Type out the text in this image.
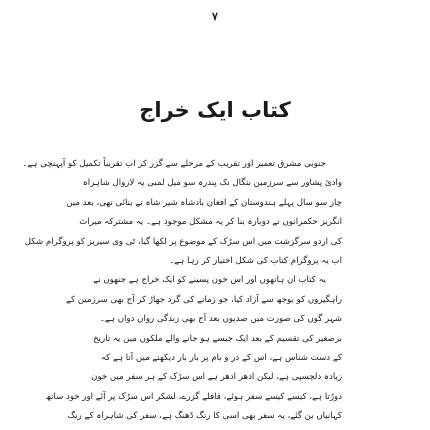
۷
کتاب ایک خراج
جنوبی مشرق تعمیر اور تقریب کے مرحلے سے گزر کر اب تقریباً تکمیل کو آپہنچی ہے۔
وادئ پشاور سے سرزمین بنگال تک پندرہ سو میل لمبی یہ لازوال شاہراہ
چار سو سال پہلے ہندوستان کے افغان بادشاہ شیر شاہ نے بنائی تھی، بعد میں
انگریز حکمرانوں نے دوبارہ بنا کر یہ مشکل موجود ہے۔ یہ مشترکہ میراث
کی اردو سرگزشت میں اس سڑک کے موضوع پر لکھا گیا، ٹی وی سیریز کو پروگرام شکل
اب یہ پروگرام کتاب کی شکل اختیار کر رہا ہے۔
یہ کتاب ان ہاتھوں اور اس خون پسینے کو ایک خراج ہے جنھوں نے
راہگیروں کو بوجھ سے آزاد کیا، جو زمانے کی گرد جھاڑ کر آج بھی سرزمین کے
شہر گوں کی صورت میں صدیوں بعد آج بھی زندگی رواں دواں ہے۔
برصغیر کی تقسیم کے بعد ایک جیسے ہو جانے والے ملکوں میں یہ تاریخ
کے دست شناس ہے، اس کے در و بام پر بار بار دیکھنے میں آتا ہے کہ
زیادہ دلچسپی ہے، لیکن ادھر ادھر ہے اس سڑک کے ہر سفر میں خون
دوڑتا ہے، کیسے کیسے سفر ہوئے، قافلے گزرے، لشکر اس سڑک پر آئے اور خود ساتھ
کہانیاں بن گئے، یہ سفر بھی اسی کا رنگ ڈھنگ ہے، سفر کی شاہراہ کے رنگ
